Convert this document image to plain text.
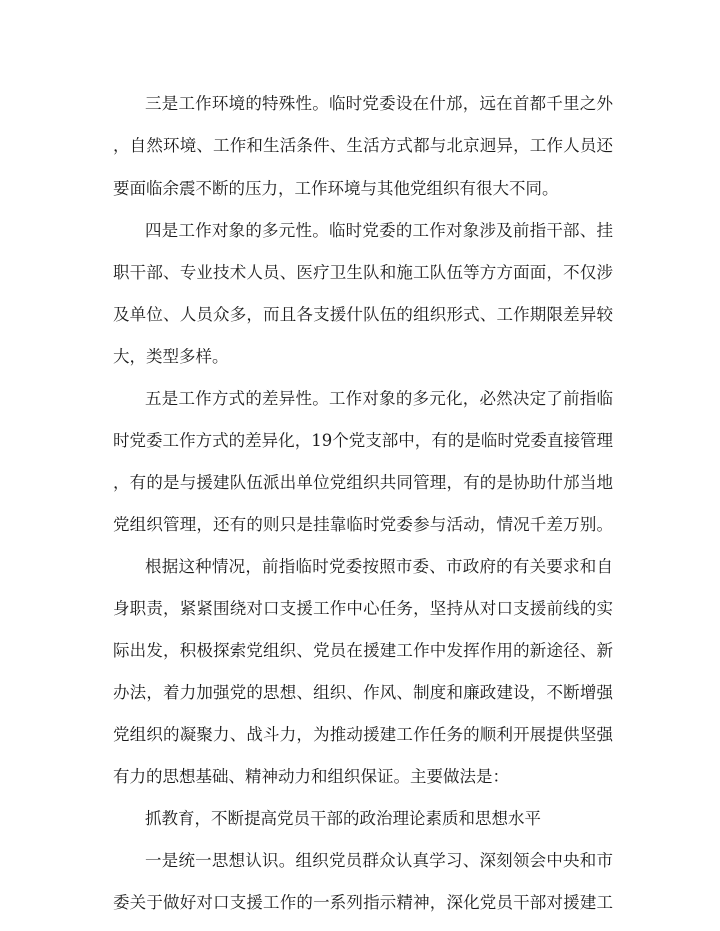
三是工作环境的特殊性。临时党委设在什邡，远在首都千里之外
，自然环境、工作和生活条件、生活方式都与北京迥异，工作人员还
要面临余震不断的压力，工作环境与其他党组织有很大不同。
四是工作对象的多元性。临时党委的工作对象涉及前指干部、挂
职干部、专业技术人员、医疗卫生队和施工队伍等方方面面，不仅涉
及单位、人员众多，而且各支援什队伍的组织形式、工作期限差异较
大，类型多样。
五是工作方式的差异性。工作对象的多元化，必然决定了前指临
时党委工作方式的差异化，19个党支部中，有的是临时党委直接管理
，有的是与援建队伍派出单位党组织共同管理，有的是协助什邡当地
党组织管理，还有的则只是挂靠临时党委参与活动，情况千差万别。
根据这种情况，前指临时党委按照市委、市政府的有关要求和自
身职责，紧紧围绕对口支援工作中心任务，坚持从对口支援前线的实
际出发，积极探索党组织、党员在援建工作中发挥作用的新途径、新
办法，着力加强党的思想、组织、作风、制度和廉政建设，不断增强
党组织的凝聚力、战斗力，为推动援建工作任务的顺利开展提供坚强
有力的思想基础、精神动力和组织保证。主要做法是：
抓教育，不断提高党员干部的政治理论素质和思想水平
一是统一思想认识。组织党员群众认真学习、深刻领会中央和市
委关于做好对口支援工作的一系列指示精神，深化党员干部对援建工
